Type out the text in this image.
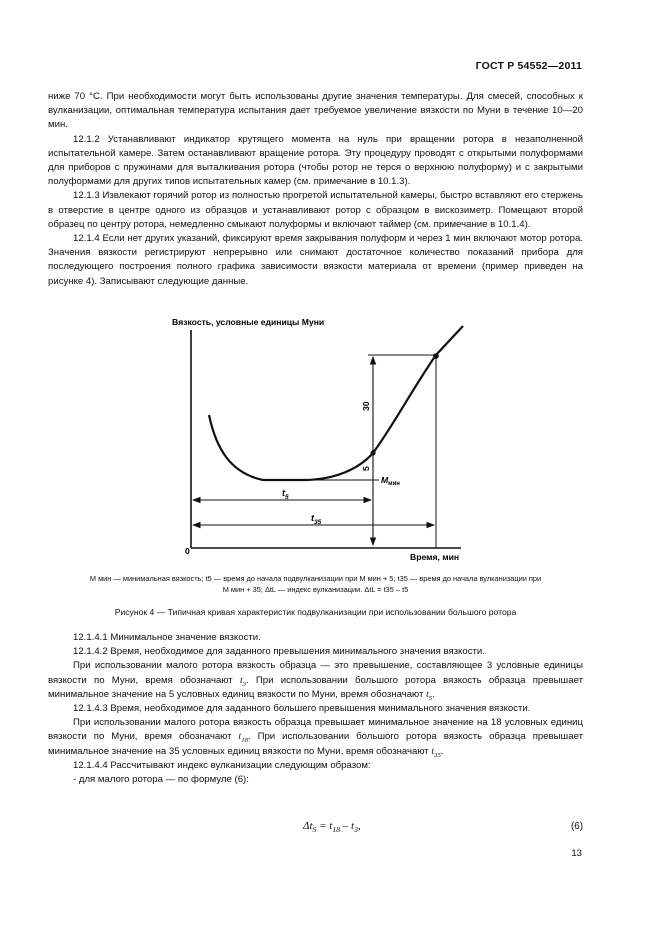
ГОСТ Р 54552—2011

ниже 70 °С. При необходимости могут быть использованы другие значения температуры. Для смесей, способных к вулканизации, оптимальная температура испытания дает требуемое увеличение вязкости по Муни в течение 10—20 мин.

12.1.2 Устанавливают индикатор крутящего момента на нуль при вращении ротора в незаполненной испытательной камере. Затем останавливают вращение ротора. Эту процедуру проводят с открытыми полуформами для приборов с пружинами для выталкивания ротора (чтобы ротор не терся о верхнюю полуформу) и с закрытыми полуформами для других типов испытательных камер (см. примечание в 10.1.3).

12.1.3 Извлекают горячий ротор из полностью прогретой испытательной камеры, быстро вставляют его стержень в отверстие в центре одного из образцов и устанавливают ротор с образцом в вискозиметр. Помещают второй образец по центру ротора, немедленно смыкают полуформы и включают таймер (см. примечание в 10.1.4).

12.1.4 Если нет других указаний, фиксируют время закрывания полуформ и через 1 мин включают мотор ротора. Значения вязкости регистрируют непрерывно или снимают достаточное количество показаний прибора для последующего построения полного графика зависимости вязкости материала от времени (пример приведен на рисунке 4). Записывают следующие данные.

Вязкость, условные единицы Муни
Время, мин
0
30
5
$M_{мин}$
$t_5$
$t_{35}$
M мин — минимальная вязкость; t5 — время до начала подвулканизации при M мин + 5; t35 — время до начала вулканизации при
M мин + 35; ΔtL — индекс вулканизации. ΔtL = t35 – t5
Рисунок 4 — Типичная кривая характеристик подвулканизации при использовании большого ротора

12.1.4.1 Минимальное значение вязкости.

12.1.4.2 Время, необходимое для заданного превышения минимального значения вязкости.

При использовании малого ротора вязкость образца — это превышение, составляющее 3 условные единицы вязкости по Муни, время обозначают $t_3$. При использовании большого ротора вязкость образца превышает минимальное значение на 5 условных единиц вязкости по Муни, время обозначают $t_5$.

12.1.4.3 Время, необходимое для заданного большего превышения минимального значения вязкости.

При использовании малого ротора вязкость образца превышает минимальное значение на 18 условных единиц вязкости по Муни, время обозначают $t_{18}$. При использовании большого ротора вязкость образца превышает минимальное значение на 35 условных единиц вязкости по Муни, время обозначают $t_{35}$.

12.1.4.4 Рассчитывают индекс вулканизации следующим образом:

- для малого ротора — по формуле (6):

$\Delta t_S = t_{18} - t_3$,	(6)
13
